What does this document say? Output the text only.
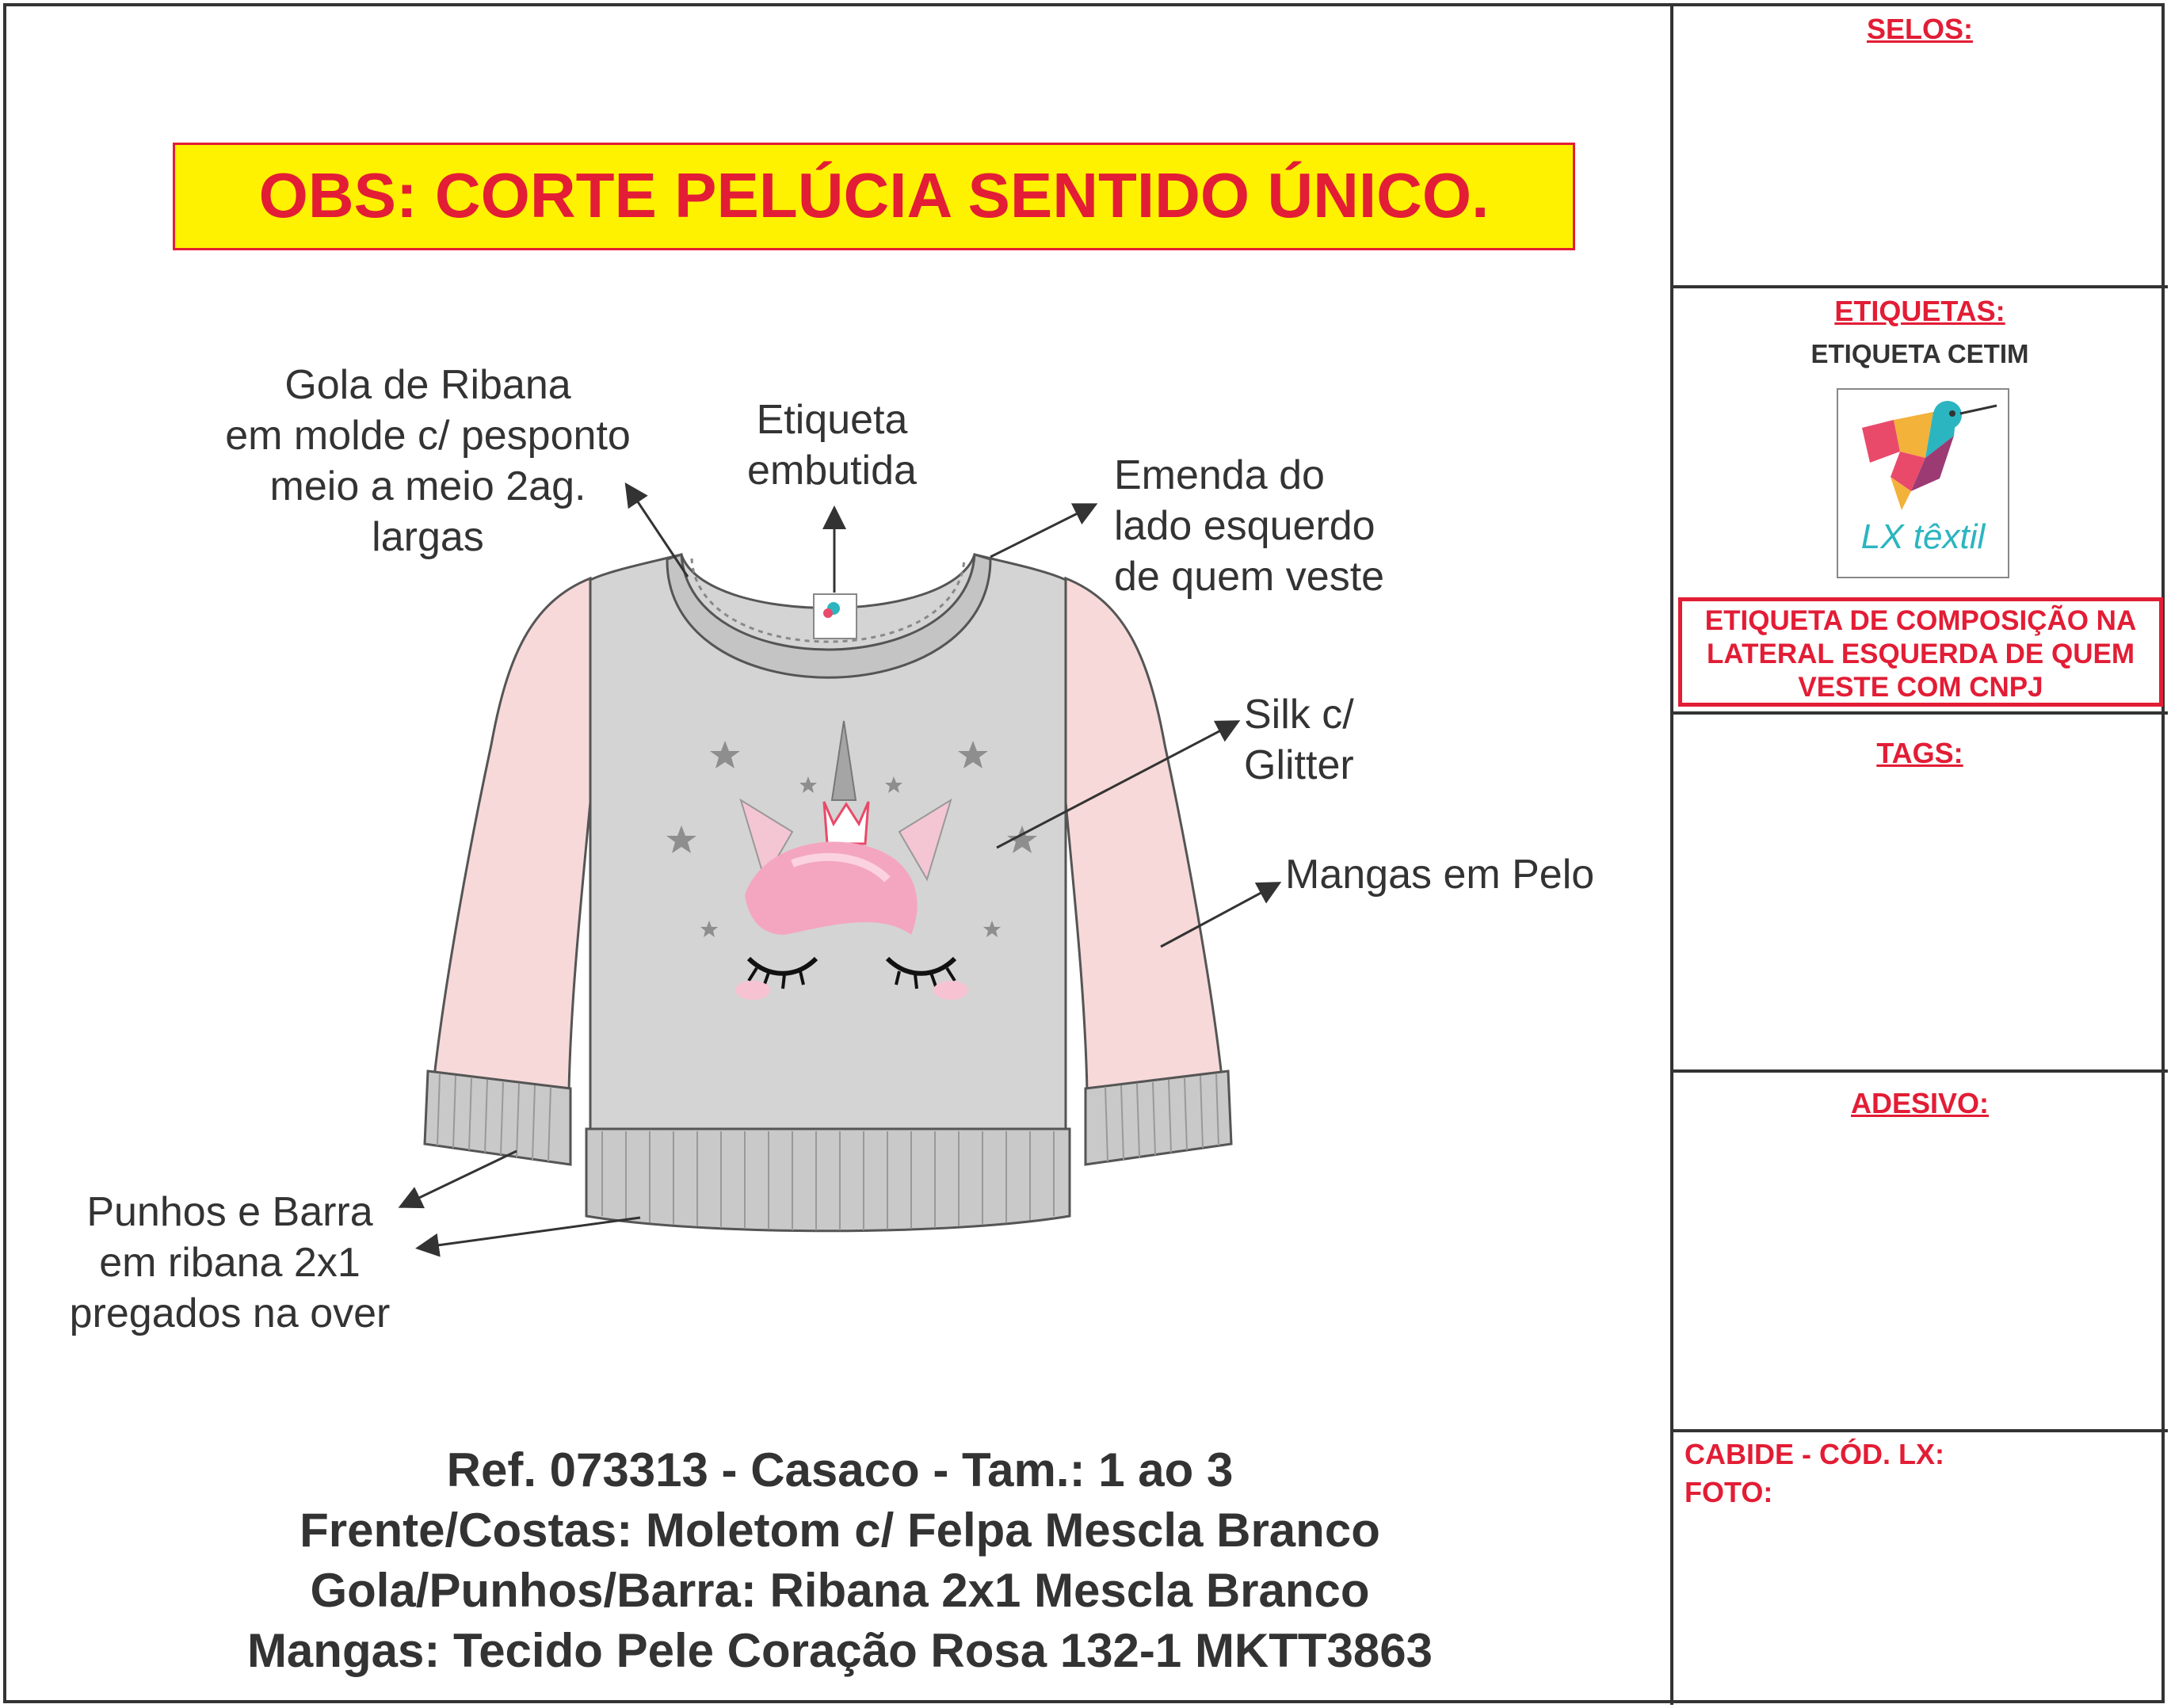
SELOS:
ETIQUETAS:
ETIQUETA CETIM
LX têxtil
ETIQUETA DE COMPOSIÇÃO NA
LATERAL ESQUERDA DE QUEM
VESTE COM CNPJ
TAGS:
ADESIVO:
CABIDE - CÓD. LX:
FOTO:
OBS: CORTE PELÚCIA SENTIDO ÚNICO.
Gola de Ribana
em molde c/ pesponto
meio a meio 2ag.
largas
Etiqueta
embutida	Emenda do
lado esquerdo
de quem veste
Silk c/
Glitter
Mangas em Pelo
Punhos e Barra
em ribana 2x1
pregados na over
Ref. 073313 - Casaco - Tam.: 1 ao 3
Frente/Costas: Moletom c/ Felpa Mescla Branco
Gola/Punhos/Barra: Ribana 2x1 Mescla Branco
Mangas: Tecido Pele Coração Rosa 132-1 MKTT3863
